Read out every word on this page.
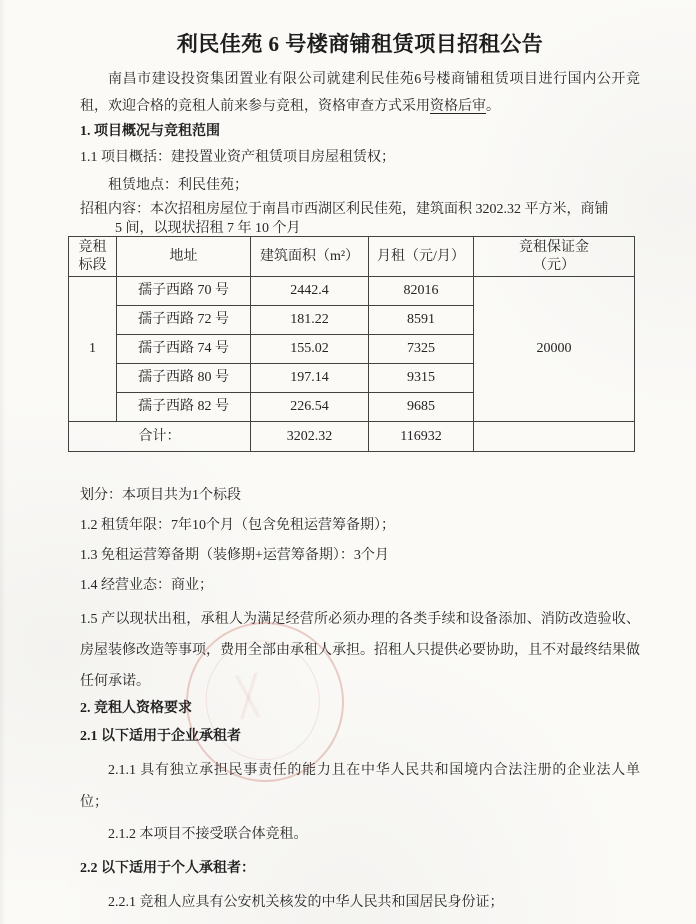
利民佳苑 6 号楼商铺租赁项目招租公告

南昌市建设投资集团置业有限公司就建利民佳苑6号楼商铺租赁项目进行国内公开竞租，欢迎合格的竞租人前来参与竞租，资格审查方式采用资格后审。

1. 项目概况与竞租范围

1.1 项目概括：建投置业资产租赁项目房屋租赁权；

租赁地点：利民佳苑；

招租内容：本次招租房屋位于南昌市西湖区利民佳苑，建筑面积 3202.32 平方米，商铺

5 间，以现状招租 7 年 10 个月

竞租
标段	地址	建筑面积（m²）	月租（元/月）	竞租保证金
（元）

1	孺子西路 70 号	2442.4	82016	20000
	孺子西路 72 号	181.22	8591	
	孺子西路 74 号	155.02	7325	
	孺子西路 80 号	197.14	9315	
	孺子西路 82 号	226.54	9685	
合计：		3202.32	116932	

划分：本项目共为1个标段

1.2 租赁年限：7年10个月（包含免租运营筹备期）；

1.3 免租运营筹备期（装修期+运营筹备期）：3个月

1.4 经营业态：商业；

1.5 产以现状出租，承租人为满足经营所必须办理的各类手续和设备添加、消防改造验收、房屋装修改造等事项，费用全部由承租人承担。招租人只提供必要协助，且不对最终结果做任何承诺。

2. 竞租人资格要求

2.1 以下适用于企业承租者

2.1.1 具有独立承担民事责任的能力且在中华人民共和国境内合法注册的企业法人单位；

2.1.2 本项目不接受联合体竞租。

2.2 以下适用于个人承租者：

2.2.1 竞租人应具有公安机关核发的中华人民共和国居民身份证；
